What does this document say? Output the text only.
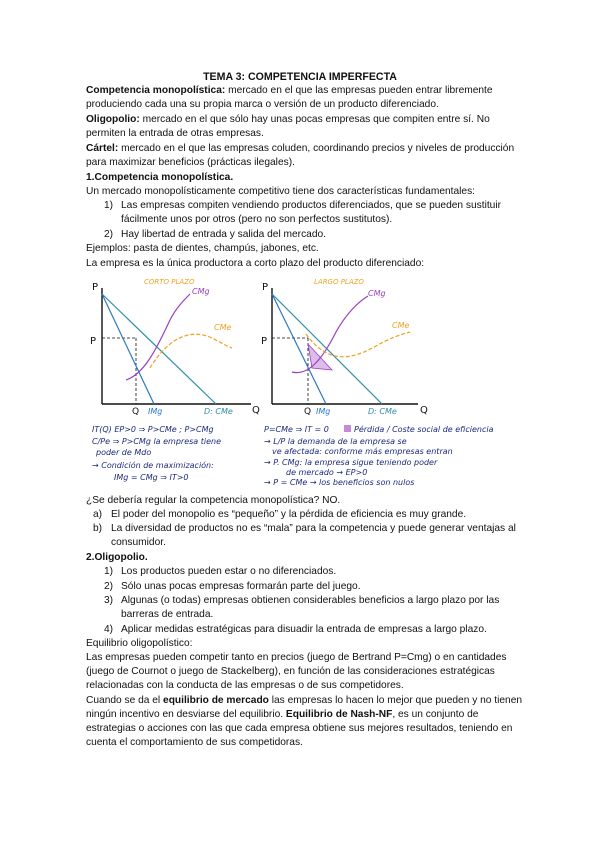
TEMA 3: COMPETENCIA IMPERFECTA
Competencia monopolística: mercado en el que las empresas pueden entrar libremente
produciendo cada una su propia marca o versión de un producto diferenciado.
Oligopolio: mercado en el que sólo hay unas pocas empresas que compiten entre sí. No
permiten la entrada de otras empresas.
Cártel: mercado en el que las empresas coluden, coordinando precios y niveles de producción
para maximizar beneficios (prácticas ilegales).
1.Competencia monopolística.
Un mercado monopolísticamente competitivo tiene dos características fundamentales:
1) Las empresas compiten vendiendo productos diferenciados, que se pueden sustituir
fácilmente unos por otros (pero no son perfectos sustitutos).
2) Hay libertad de entrada y salida del mercado.
Ejemplos: pasta de dientes, champús, jabones, etc.
La empresa es la única productora a corto plazo del producto diferenciado:
P
P
Q
Q
CORTO PLAZO
CMg
CMe
IMg	D: CMe
IT(Q) EP>0 ⇒ P>CMe ; P>CMg
C/Pe ⇒ P>CMg la empresa tiene
poder de Mdo
→ Condición de maximización:
IMg = CMg ⇒ IT>0
P
P
Q
Q
LARGO PLAZO
CMg
CMe
IMg	D: CMe
P=CMe ⇒ IT = 0	Pérdida / Coste social de eficiencia
→ L/P la demanda de la empresa se
ve afectada: conforme más empresas entran
→ P. CMg: la empresa sigue teniendo poder
de mercado → EP>0
→ P = CMe → los beneficios son nulos
¿Se debería regular la competencia monopolística? NO.
a) El poder del monopolio es “pequeño” y la pérdida de eficiencia es muy grande.
b) La diversidad de productos no es “mala” para la competencia y puede generar ventajas al
consumidor.
2.Oligopolio.
1) Los productos pueden estar o no diferenciados.
2) Sólo unas pocas empresas formarán parte del juego.
3) Algunas (o todas) empresas obtienen considerables beneficios a largo plazo por las
barreras de entrada.
4) Aplicar medidas estratégicas para disuadir la entrada de empresas a largo plazo.
Equilibrio oligopolístico:
Las empresas pueden competir tanto en precios (juego de Bertrand P=Cmg) o en cantidades
(juego de Cournot o juego de Stackelberg), en función de las consideraciones estratégicas
relacionadas con la conducta de las empresas o de sus competidores.
Cuando se da el equilibrio de mercado las empresas lo hacen lo mejor que pueden y no tienen
ningún incentivo en desviarse del equilibrio. Equilibrio de Nash-NF, es un conjunto de
estrategias o acciones con las que cada empresa obtiene sus mejores resultados, teniendo en
cuenta el comportamiento de sus competidoras.
